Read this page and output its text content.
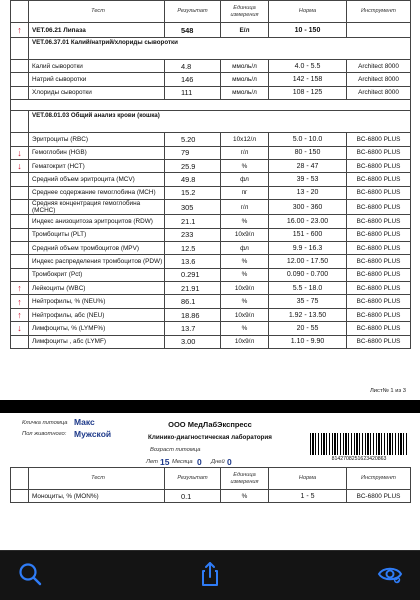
	Тест	Результат	Единица измерения	Норма	Инструмент
↑	VET.06.21 Липаза	548	Е/л	10 - 150	
	VET.06.37.01 Калий/натрий/хлориды сыворотки				
	Калий сыворотки	4.8	ммоль/л	4.0 - 5.5	Architect 8000
	Натрий сыворотки	146	ммоль/л	142 - 158	Architect 8000
	Хлориды сыворотки	111	ммоль/л	108 - 125	Architect 8000

	VET.08.01.03 Общий анализ крови (кошка)				
	Эритроциты (RBC)	5.20	10x12/л	5.0 - 10.0	BC-6800 PLUS
↓	Гемоглобин (HGB)	79	г/л	80 - 150	BC-6800 PLUS
↓	Гематокрит (HCT)	25.9	%	28 - 47	BC-6800 PLUS
	Средний объем эритроцита (MCV)	49.8	фл	39 - 53	BC-6800 PLUS
	Среднее содержание гемоглобина (MCH)	15.2	пг	13 - 20	BC-6800 PLUS
	Средняя концентрация гемоглобина (MCHC)	305	г/л	300 - 360	BC-6800 PLUS
	Индекс анизоцитоза эритроцитов (RDW)	21.1	%	16.00 - 23.00	BC-6800 PLUS
	Тромбоциты (PLT)	233	10x9/л	151 - 600	BC-6800 PLUS
	Средний объем тромбоцитов (MPV)	12.5	фл	9.9 - 16.3	BC-6800 PLUS
	Индекс распределения тромбоцитов (PDW)	13.6	%	12.00 - 17.50	BC-6800 PLUS
	Тромбокрит (Pct)	0.291	%	0.090 - 0.700	BC-6800 PLUS
↑	Лейкоциты (WBC)	21.91	10x9/л	5.5 - 18.0	BC-6800 PLUS
↑	Нейтрофилы, % (NEU%)	86.1	%	35 - 75	BC-6800 PLUS
↑	Нейтрофилы, абс (NEU)	18.86	10x9/л	1.92 - 13.50	BC-6800 PLUS
↓	Лимфоциты, % (LYMF%)	13.7	%	20 - 55	BC-6800 PLUS
	Лимфоциты , абс (LYMF)	3.00	10x9/л	1.10 - 9.90	BC-6800 PLUS
Лист№ 1 из 3
ООО МедЛабЭкспресс
Клинико-диагностическая лаборатория
Кличка питомца Макс
Пол животного: Мужской
Возраст питомца
Лет 15 Месяца 0 Дней 0	8142708251623420863
	Тест	Результат	Единица измерения	Норма	Инструмент
	Моноциты, % (MON%)	0.1	%	1 - 5	BC-6800 PLUS
